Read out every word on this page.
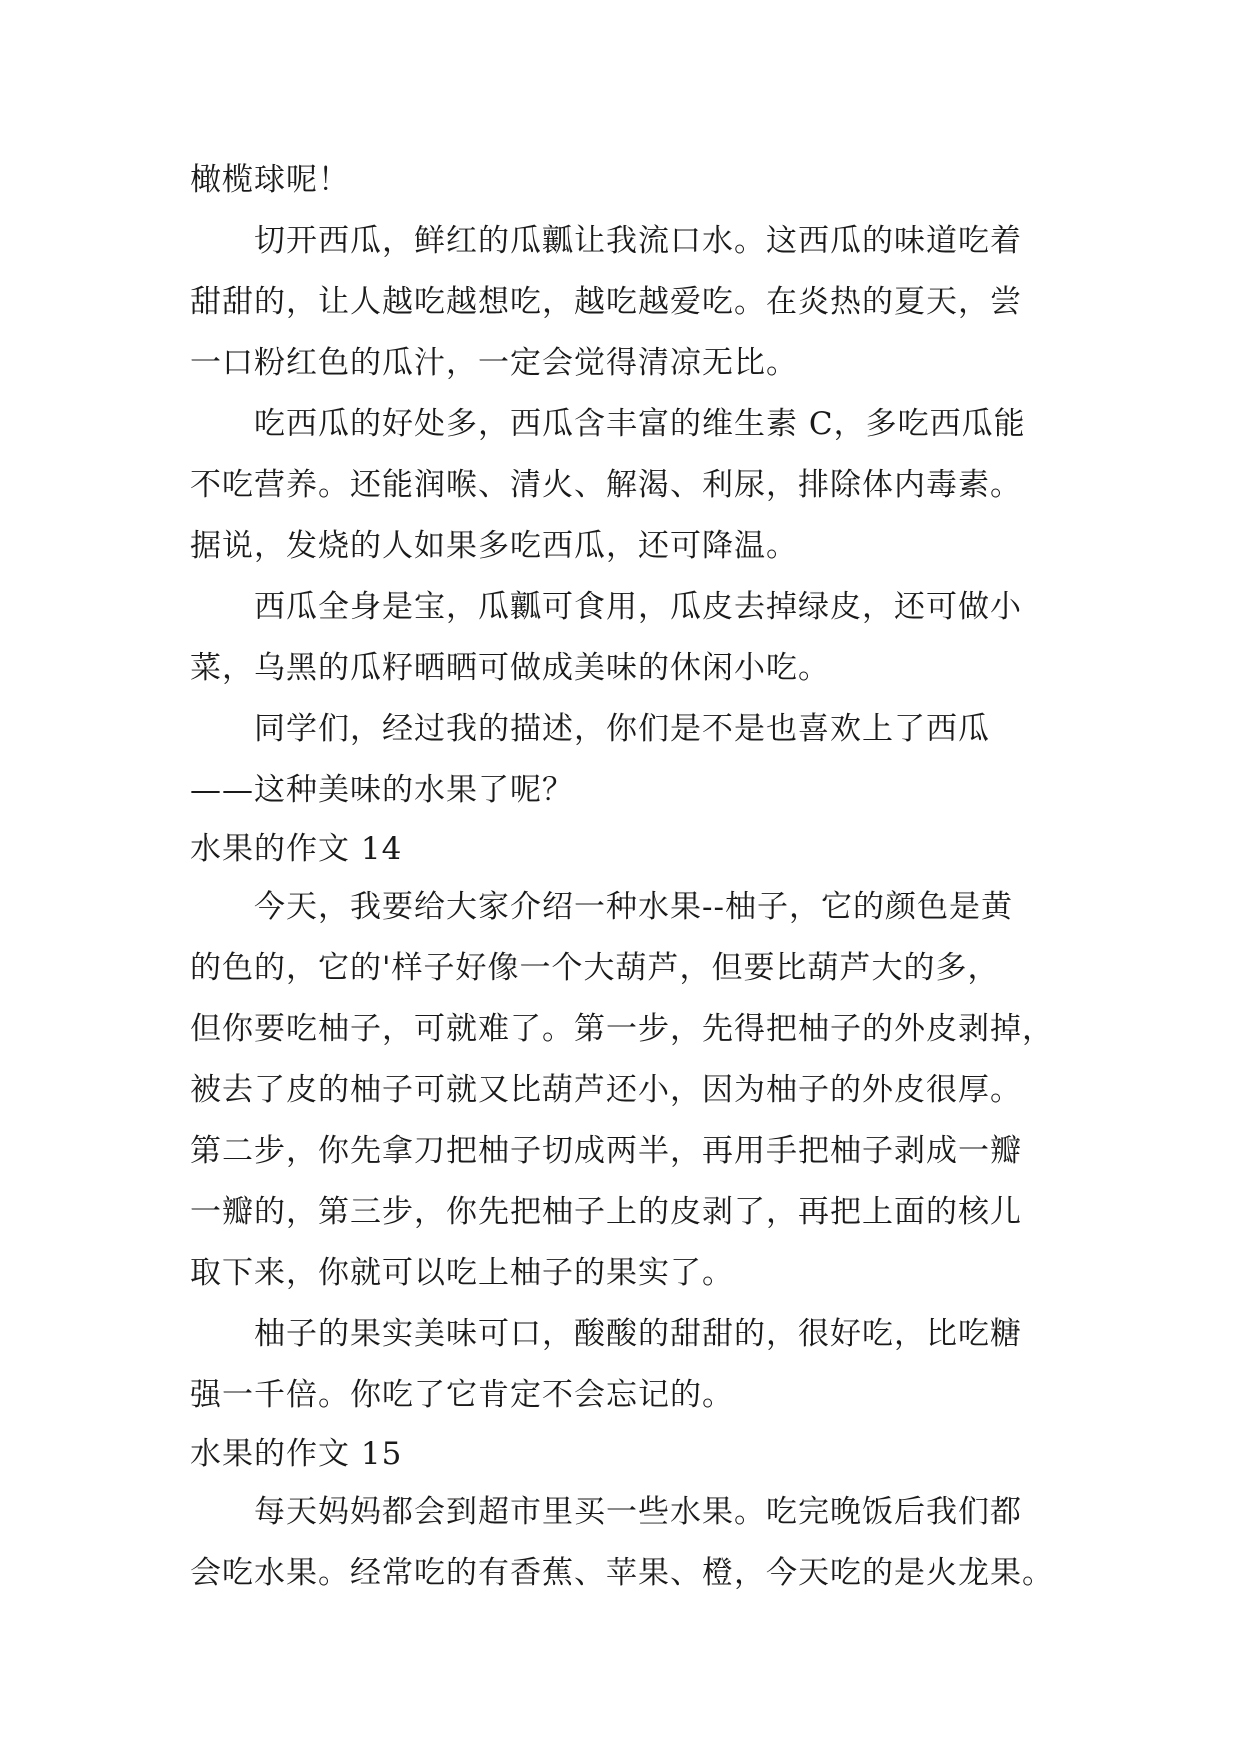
橄榄球呢！
切开西瓜，鲜红的瓜瓤让我流口水。这西瓜的味道吃着
甜甜的，让人越吃越想吃，越吃越爱吃。在炎热的夏天，尝
一口粉红色的瓜汁，一定会觉得清凉无比。
吃西瓜的好处多，西瓜含丰富的维生素 C，多吃西瓜能
不吃营养。还能润喉、清火、解渴、利尿，排除体内毒素。
据说，发烧的人如果多吃西瓜，还可降温。
西瓜全身是宝，瓜瓤可食用，瓜皮去掉绿皮，还可做小
菜，乌黑的瓜籽晒晒可做成美味的休闲小吃。
同学们，经过我的描述，你们是不是也喜欢上了西瓜
——这种美味的水果了呢？
水果的作文 14
今天，我要给大家介绍一种水果--柚子，它的颜色是黄
的色的，它的'样子好像一个大葫芦，但要比葫芦大的多，
但你要吃柚子，可就难了。第一步，先得把柚子的外皮剥掉，
被去了皮的柚子可就又比葫芦还小，因为柚子的外皮很厚。
第二步，你先拿刀把柚子切成两半，再用手把柚子剥成一瓣
一瓣的，第三步，你先把柚子上的皮剥了，再把上面的核儿
取下来，你就可以吃上柚子的果实了。
柚子的果实美味可口，酸酸的甜甜的，很好吃，比吃糖
强一千倍。你吃了它肯定不会忘记的。
水果的作文 15
每天妈妈都会到超市里买一些水果。吃完晚饭后我们都
会吃水果。经常吃的有香蕉、苹果、橙，今天吃的是火龙果。
